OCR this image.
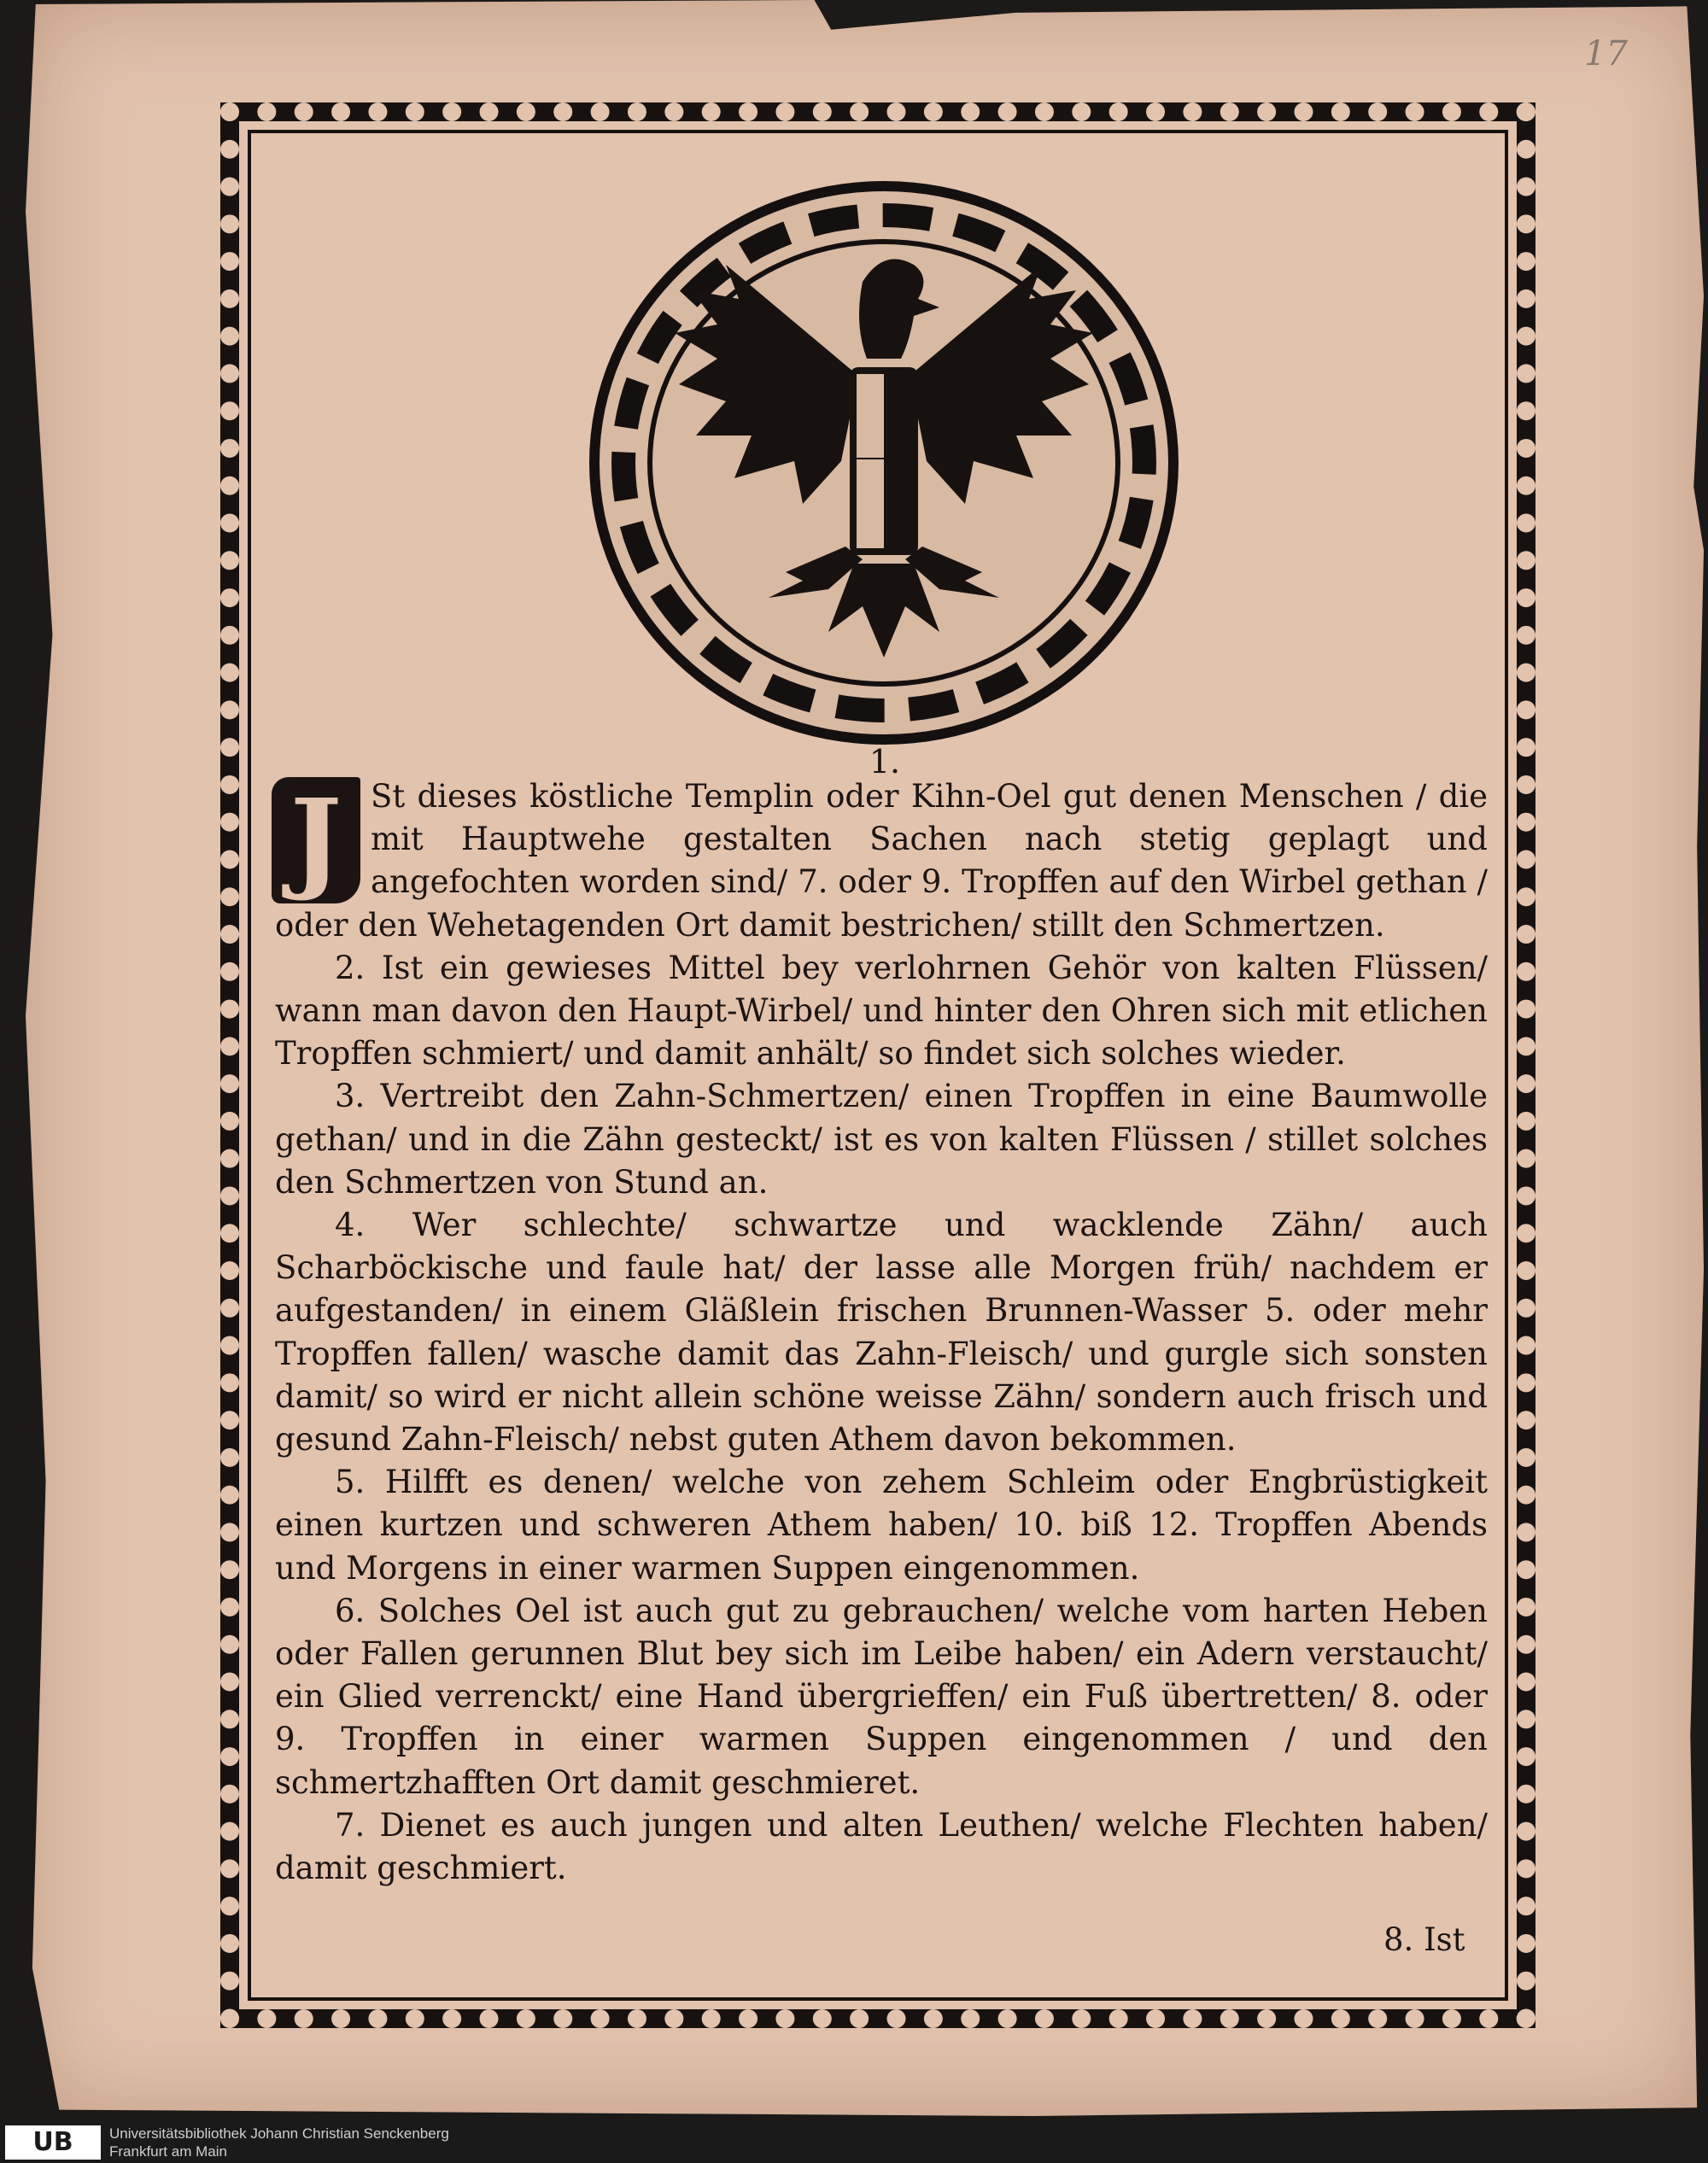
17
1.

J St dieses köstliche Templin oder Kihn-Oel gut denen Menschen / die mit Hauptwehe gestalten Sachen nach stetig geplagt und angefochten worden sind/ 7. oder 9. Tropffen auf den Wirbel gethan / oder den Wehetagenden Ort damit bestrichen/ stillt den Schmertzen.

2. Ist ein gewieses Mittel bey verlohrnen Gehör von kalten Flüssen/ wann man davon den Haupt-Wirbel/ und hinter den Ohren sich mit etlichen Tropffen schmiert/ und damit anhält/ so findet sich solches wieder.

3. Vertreibt den Zahn-Schmertzen/ einen Tropffen in eine Baumwolle gethan/ und in die Zähn gesteckt/ ist es von kalten Flüssen / stillet solches den Schmertzen von Stund an.

4. Wer schlechte/ schwartze und wacklende Zähn/ auch Scharböckische und faule hat/ der lasse alle Morgen früh/ nachdem er aufgestanden/ in einem Gläßlein frischen Brunnen-Wasser 5. oder mehr Tropffen fallen/ wasche damit das Zahn-Fleisch/ und gurgle sich sonsten damit/ so wird er nicht allein schöne weisse Zähn/ sondern auch frisch und gesund Zahn-Fleisch/ nebst guten Athem davon bekommen.

5. Hilfft es denen/ welche von zehem Schleim oder Engbrüstigkeit einen kurtzen und schweren Athem haben/ 10. biß 12. Tropffen Abends und Morgens in einer warmen Suppen eingenommen.

6. Solches Oel ist auch gut zu gebrauchen/ welche vom harten Heben oder Fallen gerunnen Blut bey sich im Leibe haben/ ein Adern verstaucht/ ein Glied verrenckt/ eine Hand übergrieffen/ ein Fuß übertretten/ 8. oder 9. Tropffen in einer warmen Suppen eingenommen / und den schmertzhafften Ort damit geschmieret.

7. Dienet es auch jungen und alten Leuthen/ welche Flechten haben/ damit geschmiert.

8. Ist
UB	Universitätsbibliothek Johann Christian Senckenberg
Frankfurt am Main
